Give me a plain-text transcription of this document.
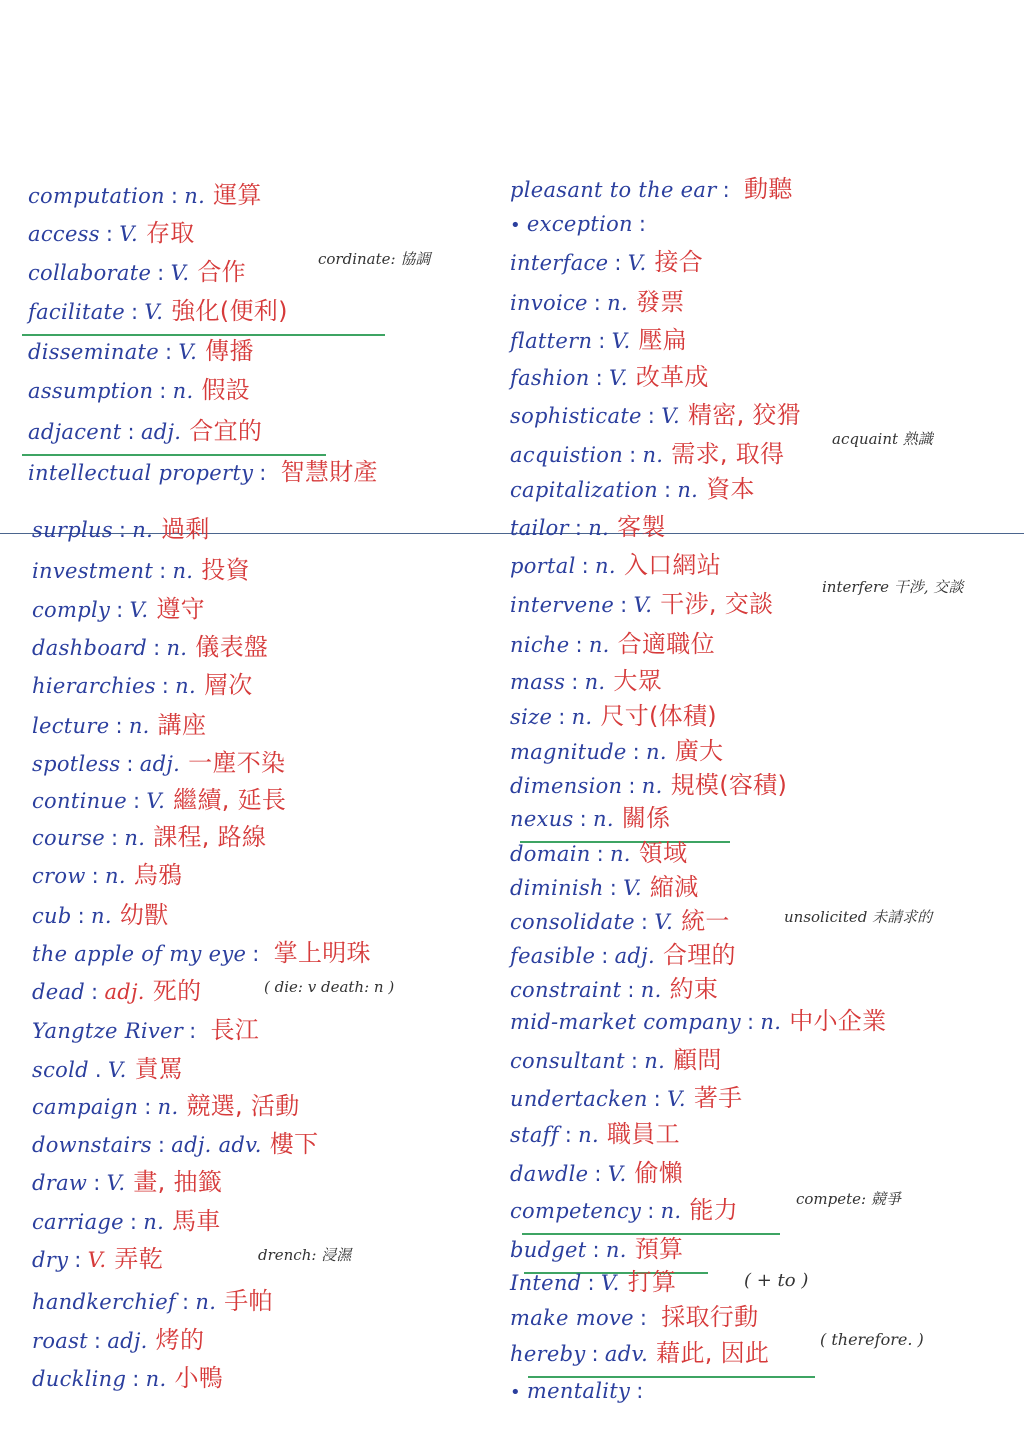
computation : n. 運算
access : V. 存取
collaborate : V. 合作
facilitate : V. 強化(便利)
disseminate : V. 傳播
assumption : n. 假設
adjacent : adj. 合宜的
intellectual property : 智慧財產
surplus : n. 過剩
investment : n. 投資
comply : V. 遵守
dashboard : n. 儀表盤
hierarchies : n. 層次
lecture : n. 講座
spotless : adj. 一塵不染
continue : V. 繼續, 延長
course : n. 課程, 路線
crow : n. 烏鴉
cub : n. 幼獸
the apple of my eye : 掌上明珠
dead : adj. 死的
Yangtze River : 長江
scold . V. 責罵
campaign : n. 競選, 活動
downstairs : adj. adv. 樓下
draw : V. 畫, 抽籤
carriage : n. 馬車
dry : V. 弄乾
handkerchief : n. 手帕
roast : adj. 烤的
duckling : n. 小鴨
pleasant to the ear : 動聽
• exception :
interface : V. 接合
invoice : n. 發票
flattern : V. 壓扁
fashion : V. 改革成
sophisticate : V. 精密, 狡猾
acquistion : n. 需求, 取得
capitalization : n. 資本
tailor : n. 客製
portal : n. 入口網站
intervene : V. 干涉, 交談
niche : n. 合適職位
mass : n. 大眾
size : n. 尺寸(体積)
magnitude : n. 廣大
dimension : n. 規模(容積)
nexus : n. 關係
domain : n. 領域
diminish : V. 縮減
consolidate : V. 統一
feasible : adj. 合理的
constraint : n. 約束
mid-market company : n. 中小企業
consultant : n. 顧問
undertacken : V. 著手
staff : n. 職員工
dawdle : V. 偷懶
competency : n. 能力
budget : n. 預算
Intend : V. 打算
make move : 採取行動
hereby : adv. 藉此, 因此
• mentality :
cordinate: 協調
acquaint 熟識
interfere 干涉, 交談
( die: v death: n )
drench: 浸濕
unsolicited 未請求的
compete: 競爭
( + to )
( therefore. )
